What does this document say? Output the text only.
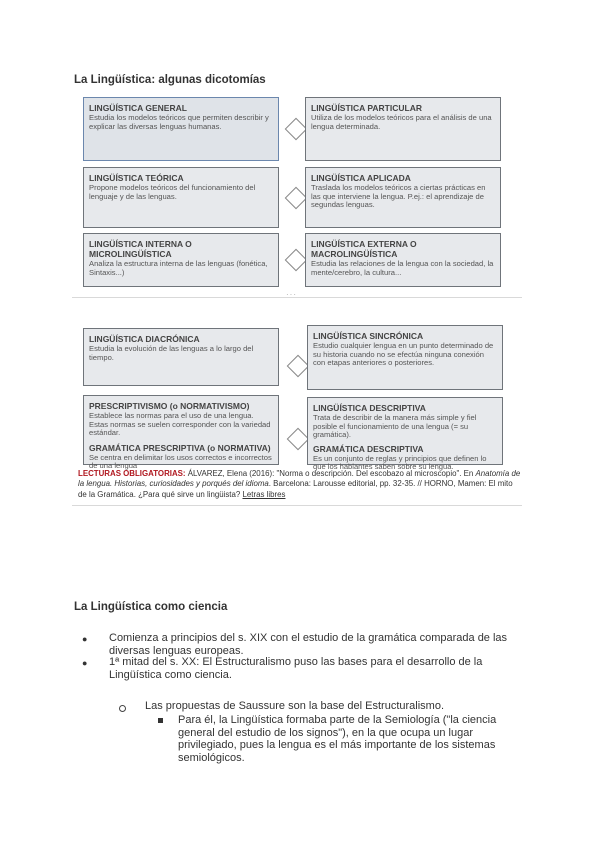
La Lingüística: algunas dicotomías
LINGÜÍSTICA GENERAL
Estudia los modelos teóricos que permiten describir y explicar las diversas lenguas humanas.
LINGÜÍSTICA PARTICULAR
Utiliza de los modelos teóricos para el análisis de una lengua determinada.
LINGÜÍSTICA TEÓRICA
Propone modelos teóricos del funcionamiento del lenguaje y de las lenguas.
LINGÜÍSTICA APLICADA
Traslada los modelos teóricos a ciertas prácticas en las que interviene la lengua. P.ej.: el aprendizaje de segundas lenguas.
LINGÜÍSTICA INTERNA O MICROLINGÜÍSTICA
Analiza la estructura interna de las lenguas (fonética, Sintaxis...)
LINGÜÍSTICA EXTERNA O MACROLINGÜÍSTICA
Estudia las relaciones de la lengua con la sociedad, la mente/cerebro, la cultura...
···
LINGÜÍSTICA DIACRÓNICA
Estudia la evolución de las lenguas a lo largo del tiempo.
LINGÜÍSTICA SINCRÓNICA
Estudio cualquier lengua en un punto determinado de su historia cuando no se efectúa ninguna conexión con etapas anteriores o posteriores.
PRESCRIPTIVISMO (o NORMATIVISMO)
Establece las normas para el uso de una lengua. Estas normas se suelen corresponder con la variedad estándar.
GRAMÁTICA PRESCRIPTIVA (o NORMATIVA)
Se centra en delimitar los usos correctos e incorrectos de una lengua
LINGÜÍSTICA DESCRIPTIVA
Trata de describir de la manera más simple y fiel posible el funcionamiento de una lengua (= su gramática).
GRAMÁTICA DESCRIPTIVA
Es un conjunto de reglas y principios que definen lo que los hablantes saben sobre su lengua.
LECTURAS OBLIGATORIAS: ÁLVAREZ, Elena (2016): "Norma o descripción. Del escobazo al microscopio". En Anatomía de la lengua. Historias, curiosidades y porqués del idioma. Barcelona: Larousse editorial, pp. 32-35. // HORNO, Mamen: El mito de la Gramática. ¿Para qué sirve un lingüista? Letras libres
La Lingüística como ciencia
● Comienza a principios del s. XIX con el estudio de la gramática comparada de las diversas lenguas europeas.
● 1ª mitad del s. XX: El Estructuralismo puso las bases para el desarrollo de la Lingüística como ciencia.
Las propuestas de Saussure son la base del Estructuralismo.
Para él, la Lingüística formaba parte de la Semiología ("la ciencia general del estudio de los signos"), en la que ocupa un lugar privilegiado, pues la lengua es el más importante de los sistemas semiológicos.
